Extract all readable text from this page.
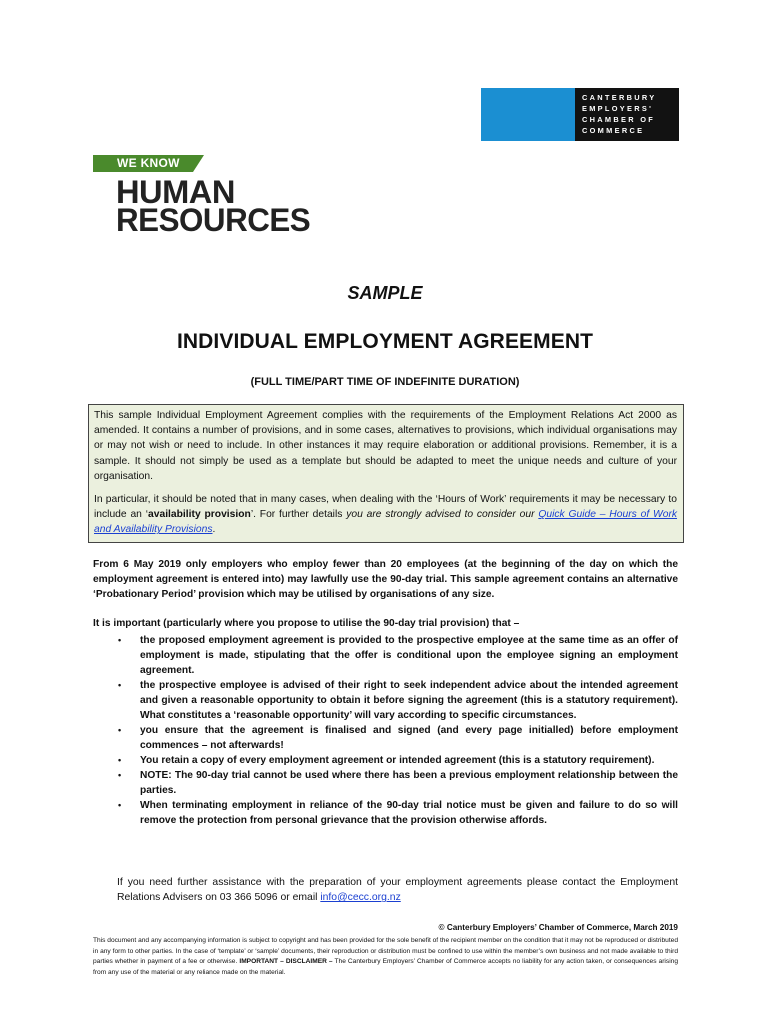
CANTERBURY
EMPLOYERS'
CHAMBER OF
COMMERCE
WE KNOW
HUMAN
RESOURCES
SAMPLE
INDIVIDUAL EMPLOYMENT AGREEMENT
(FULL TIME/PART TIME OF INDEFINITE DURATION)

This sample Individual Employment Agreement complies with the requirements of the Employment Relations Act 2000 as amended. It contains a number of provisions, and in some cases, alternatives to provisions, which individual organisations may or may not wish or need to include. In other instances it may require elaboration or additional provisions. Remember, it is a sample. It should not simply be used as a template but should be adapted to meet the unique needs and culture of your organisation.

In particular, it should be noted that in many cases, when dealing with the ‘Hours of Work’ requirements it may be necessary to include an ‘availability provision’. For further details you are strongly advised to consider our Quick Guide – Hours of Work and Availability Provisions.

From 6 May 2019 only employers who employ fewer than 20 employees (at the beginning of the day on which the employment agreement is entered into) may lawfully use the 90-day trial. This sample agreement contains an alternative ‘Probationary Period’ provision which may be utilised by organisations of any size.
It is important (particularly where you propose to utilise the 90-day trial provision) that –
• the proposed employment agreement is provided to the prospective employee at the same time as an offer of employment is made, stipulating that the offer is conditional upon the employee signing an employment agreement.
• the prospective employee is advised of their right to seek independent advice about the intended agreement and given a reasonable opportunity to obtain it before signing the agreement (this is a statutory requirement). What constitutes a ‘reasonable opportunity’ will vary according to specific circumstances.
• you ensure that the agreement is finalised and signed (and every page initialled) before employment commences – not afterwards!
• You retain a copy of every employment agreement or intended agreement (this is a statutory requirement).
• NOTE: The 90-day trial cannot be used where there has been a previous employment relationship between the parties.
• When terminating employment in reliance of the 90-day trial notice must be given and failure to do so will remove the protection from personal grievance that the provision otherwise affords.
If you need further assistance with the preparation of your employment agreements please contact the Employment Relations Advisers on 03 366 5096 or email info@cecc.org.nz
© Canterbury Employers’ Chamber of Commerce, March 2019
This document and any accompanying information is subject to copyright and has been provided for the sole benefit of the recipient member on the condition that it may not be reproduced or distributed in any form to other parties. In the case of ‘template’ or ‘sample’ documents, their reproduction or distribution must be confined to use within the member’s own business and not made available to third parties whether in payment of a fee or otherwise. IMPORTANT – DISCLAIMER – The Canterbury Employers’ Chamber of Commerce accepts no liability for any action taken, or consequences arising from any use of the material or any reliance made on the material.
